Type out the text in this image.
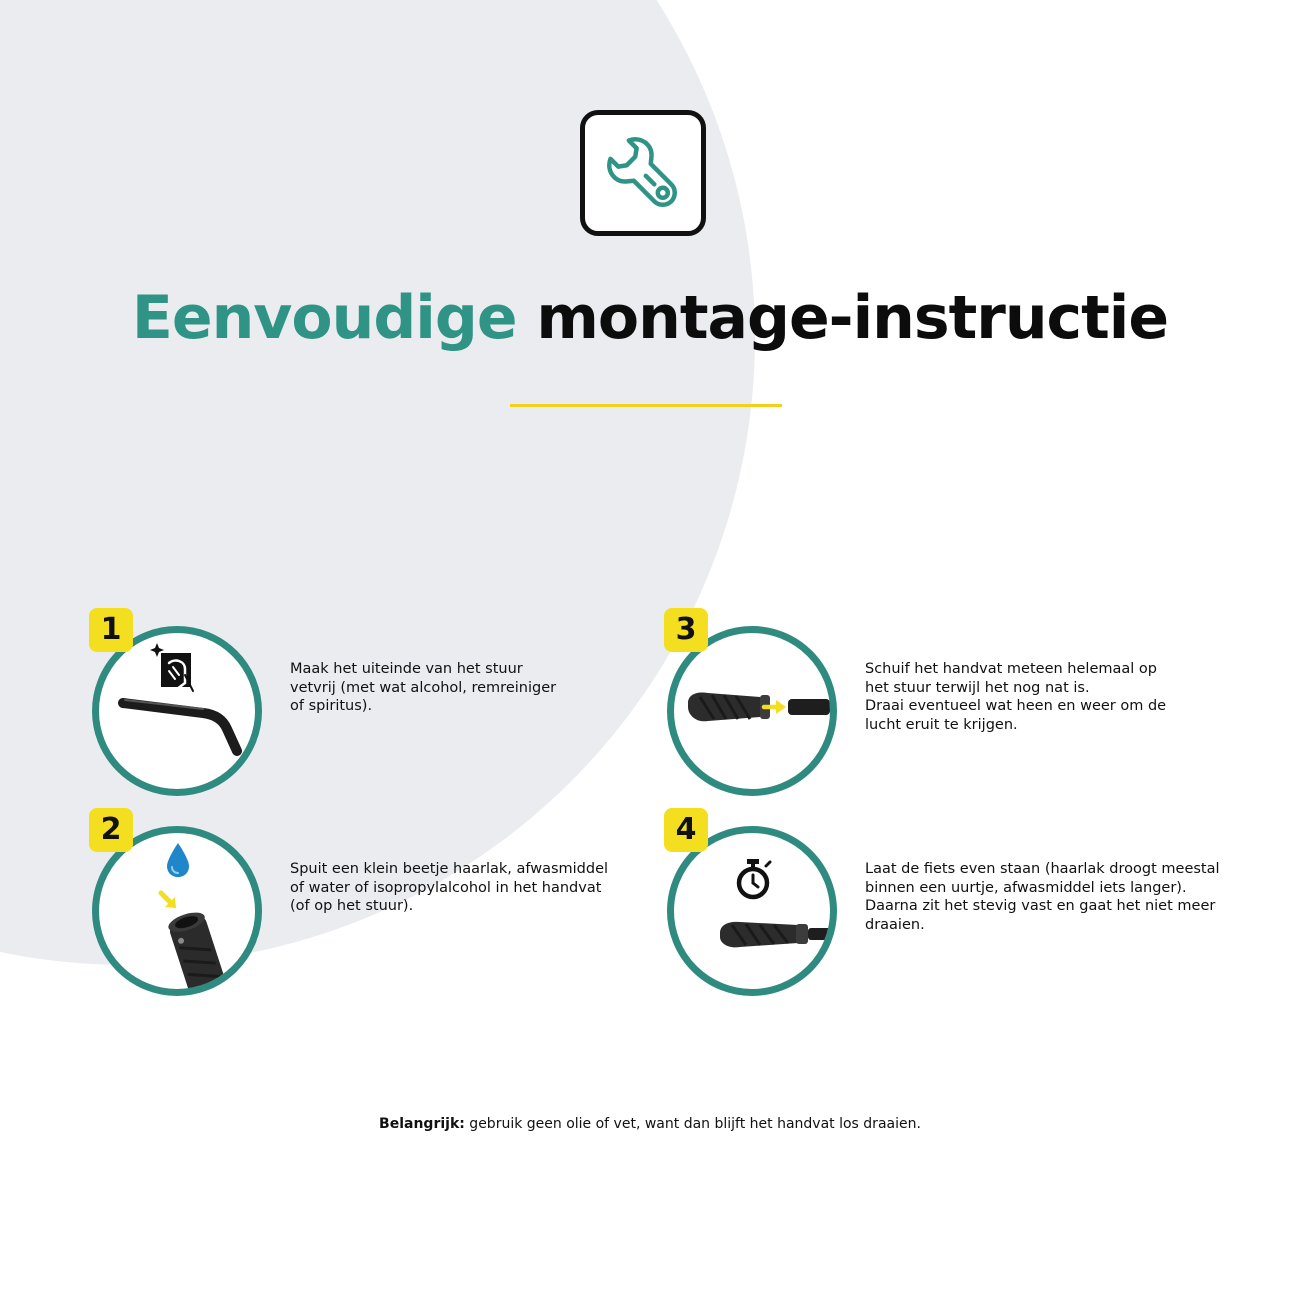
Eenvoudige montage-instructie
1

Maak het uiteinde van het stuur
vetvrij (met wat alcohol, remreiniger
of spiritus).

2

Spuit een klein beetje haarlak, afwasmiddel
of water of isopropylalcohol in het handvat
(of op het stuur).

3

Schuif het handvat meteen helemaal op
het stuur terwijl het nog nat is.
Draai eventueel wat heen en weer om de
lucht eruit te krijgen.

4

Laat de fiets even staan (haarlak droogt meestal
binnen een uurtje, afwasmiddel iets langer).
Daarna zit het stevig vast en gaat het niet meer
draaien.

Belangrijk: gebruik geen olie of vet, want dan blijft het handvat los draaien.
